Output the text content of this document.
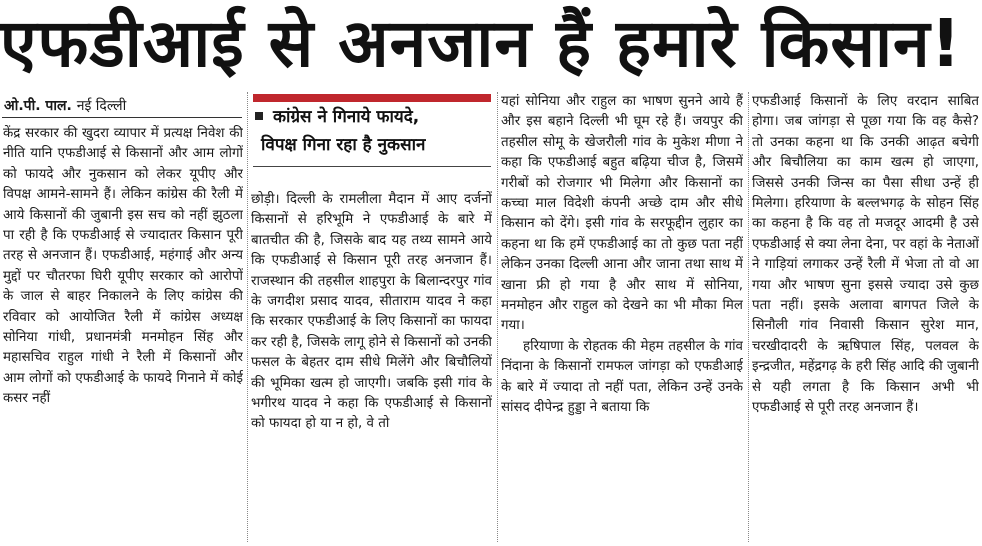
एफडीआई से अनजान हैं हमारे किसान!
ओ.पी. पाल. नई दिल्ली

केंद्र सरकार की खुदरा व्यापार में प्रत्यक्ष निवेश की नीति यानि एफडीआई से किसानों और आम लोगों को फायदे और नुकसान को लेकर यूपीए और विपक्ष आमने-सामने हैं। लेकिन कांग्रेस की रैली में आये किसानों की जुबानी इस सच को नहीं झुठला पा रही है कि एफडीआई से ज्यादातर किसान पूरी तरह से अनजान हैं। एफडीआई, महंगाई और अन्य मुद्दों पर चौतरफा घिरी यूपीए सरकार को आरोपों के जाल से बाहर निकालने के लिए कांग्रेस की रविवार को आयोजित रैली में कांग्रेस अध्यक्ष सोनिया गांधी, प्रधानमंत्री मनमोहन सिंह और महासचिव राहुल गांधी ने रैली में किसानों और आम लोगों को एफडीआई के फायदे गिनाने में कोई कसर नहीं

कांग्रेस ने गिनाये फायदे,
विपक्ष गिना रहा है नुकसान

छोड़ी। दिल्ली के रामलीला मैदान में आए दर्जनों किसानों से हरिभूमि ने एफडीआई के बारे में बातचीत की है, जिसके बाद यह तथ्य सामने आये कि एफडीआई से किसान पूरी तरह अनजान हैं। राजस्थान की तहसील शाहपुरा के बिलान्दरपुर गांव के जगदीश प्रसाद यादव, सीताराम यादव ने कहा कि सरकार एफडीआई के लिए किसानों का फायदा कर रही है, जिसके लागू होने से किसानों को उनकी फसल के बेहतर दाम सीधे मिलेंगे और बिचौलियों की भूमिका खत्म हो जाएगी। जबकि इसी गांव के भगीरथ यादव ने कहा कि एफडीआई से किसानों को फायदा हो या न हो, वे तो

यहां सोनिया और राहुल का भाषण सुनने आये हैं और इस बहाने दिल्ली भी घूम रहे हैं। जयपुर की तहसील सोमू के खेजरौली गांव के मुकेश मीणा ने कहा कि एफडीआई बहुत बढ़िया चीज है, जिसमें गरीबों को रोजगार भी मिलेगा और किसानों का कच्चा माल विदेशी कंपनी अच्छे दाम और सीधे किसान को देंगे। इसी गांव के सरफूद्दीन लुहार का कहना था कि हमें एफडीआई का तो कुछ पता नहीं लेकिन उनका दिल्ली आना और जाना तथा साथ में खाना फ्री हो गया है और साथ में सोनिया, मनमोहन और राहुल को देखने का भी मौका मिल गया।

हरियाणा के रोहतक की मेहम तहसील के गांव निंदाना के किसानों रामफल जांगड़ा को एफडीआई के बारे में ज्यादा तो नहीं पता, लेकिन उन्हें उनके सांसद दीपेन्द्र हुड्डा ने बताया कि

एफडीआई किसानों के लिए वरदान साबित होगा। जब जांगड़ा से पूछा गया कि वह कैसे? तो उनका कहना था कि उनकी आढ़त बचेगी और बिचौलिया का काम खत्म हो जाएगा, जिससे उनकी जिन्स का पैसा सीधा उन्हें ही मिलेगा। हरियाणा के बल्लभगढ़ के सोहन सिंह का कहना है कि वह तो मजदूर आदमी है उसे एफडीआई से क्या लेना देना, पर वहां के नेताओं ने गाड़ियां लगाकर उन्हें रैली में भेजा तो वो आ गया और भाषण सुना इससे ज्यादा उसे कुछ पता नहीं। इसके अलावा बागपत जिले के सिनौली गांव निवासी किसान सुरेश मान, चरखीदादरी के ऋषिपाल सिंह, पलवल के इन्द्रजीत, महेंद्रगढ़ के हरी सिंह आदि की जुबानी से यही लगता है कि किसान अभी भी एफडीआई से पूरी तरह अनजान हैं।
